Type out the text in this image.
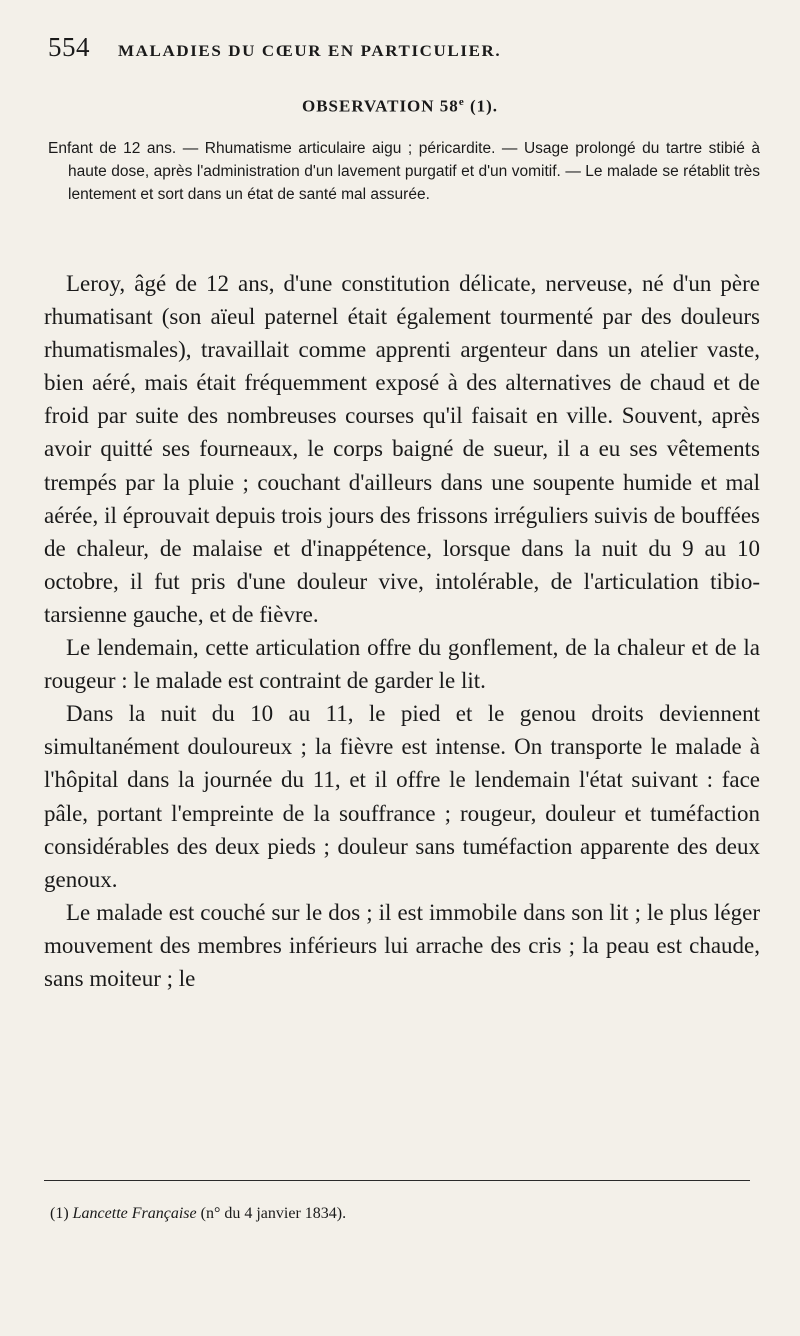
554 MALADIES DU CŒUR EN PARTICULIER.
OBSERVATION 58e (1).

Enfant de 12 ans. — Rhumatisme articulaire aigu ; péricardite. — Usage prolongé du tartre stibié à haute dose, après l'administration d'un lavement purgatif et d'un vomitif. — Le malade se rétablit très lentement et sort dans un état de santé mal assurée.

Leroy, âgé de 12 ans, d'une constitution délicate, nerveuse, né d'un père rhumatisant (son aïeul paternel était également tourmenté par des douleurs rhumatismales), travaillait comme apprenti argenteur dans un atelier vaste, bien aéré, mais était fréquemment exposé à des alternatives de chaud et de froid par suite des nombreuses courses qu'il faisait en ville. Souvent, après avoir quitté ses fourneaux, le corps baigné de sueur, il a eu ses vêtements trempés par la pluie ; couchant d'ailleurs dans une soupente humide et mal aérée, il éprouvait depuis trois jours des frissons irréguliers suivis de bouffées de chaleur, de malaise et d'inappétence, lorsque dans la nuit du 9 au 10 octobre, il fut pris d'une douleur vive, intolérable, de l'articulation tibio-tarsienne gauche, et de fièvre.

Le lendemain, cette articulation offre du gonflement, de la chaleur et de la rougeur : le malade est contraint de garder le lit.

Dans la nuit du 10 au 11, le pied et le genou droits deviennent simultanément douloureux ; la fièvre est intense. On transporte le malade à l'hôpital dans la journée du 11, et il offre le lendemain l'état suivant : face pâle, portant l'empreinte de la souffrance ; rougeur, douleur et tuméfaction considérables des deux pieds ; douleur sans tuméfaction apparente des deux genoux.

Le malade est couché sur le dos ; il est immobile dans son lit ; le plus léger mouvement des membres inférieurs lui arrache des cris ; la peau est chaude, sans moiteur ; le

(1) Lancette Française (n° du 4 janvier 1834).
